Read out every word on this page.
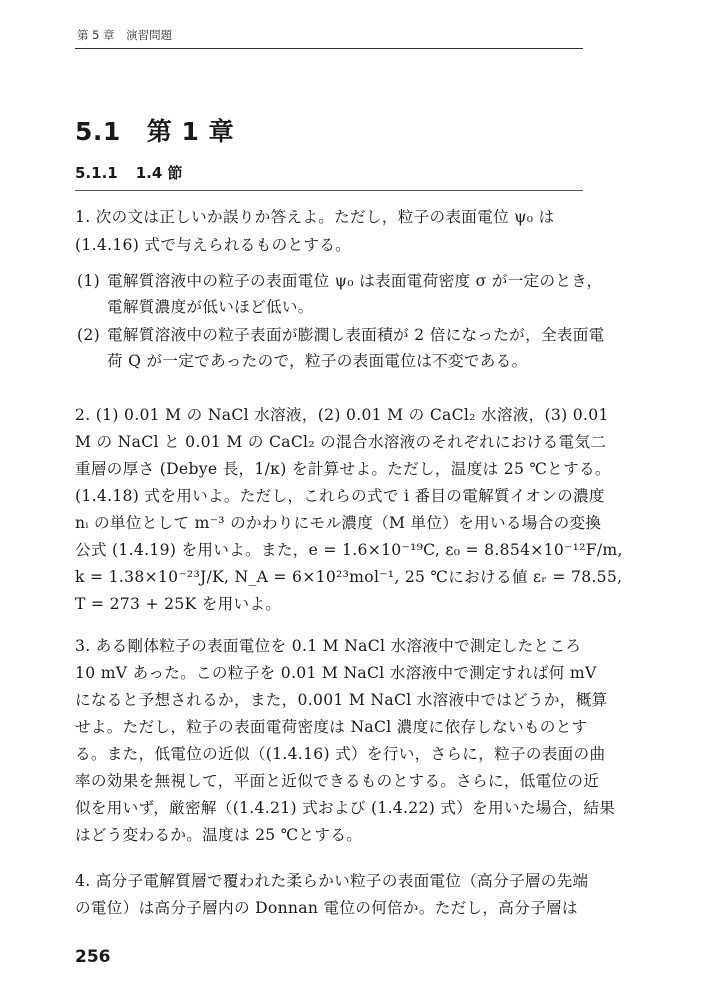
第 5 章　演習問題
5.1 第 1 章
5.1.1 1.4 節
1. 次の文は正しいか誤りか答えよ。ただし，粒子の表面電位 ψ₀ は
(1.4.16) 式で与えられるものとする。
(1) 電解質溶液中の粒子の表面電位 ψ₀ は表面電荷密度 σ が一定のとき，
電解質濃度が低いほど低い。
(2) 電解質溶液中の粒子表面が膨潤し表面積が 2 倍になったが，全表面電
荷 Q が一定であったので，粒子の表面電位は不変である。
2. (1) 0.01 M の NaCl 水溶液，(2) 0.01 M の CaCl₂ 水溶液，(3) 0.01
M の NaCl と 0.01 M の CaCl₂ の混合水溶液のそれぞれにおける電気二
重層の厚さ (Debye 長，1/κ) を計算せよ。ただし，温度は 25 ℃とする。
(1.4.18) 式を用いよ。ただし，これらの式で i 番目の電解質イオンの濃度
nᵢ の単位として m⁻³ のかわりにモル濃度（M 単位）を用いる場合の変換
公式 (1.4.19) を用いよ。また，e = 1.6×10⁻¹⁹C, ε₀ = 8.854×10⁻¹²F/m,
k = 1.38×10⁻²³J/K, N_A = 6×10²³mol⁻¹, 25 ℃における値 εᵣ = 78.55,
T = 273 + 25K を用いよ。
3. ある剛体粒子の表面電位を 0.1 M NaCl 水溶液中で測定したところ
10 mV あった。この粒子を 0.01 M NaCl 水溶液中で測定すれば何 mV
になると予想されるか，また，0.001 M NaCl 水溶液中ではどうか，概算
せよ。ただし，粒子の表面電荷密度は NaCl 濃度に依存しないものとす
る。また，低電位の近似（(1.4.16) 式）を行い，さらに，粒子の表面の曲
率の効果を無視して，平面と近似できるものとする。さらに，低電位の近
似を用いず，厳密解（(1.4.21) 式および (1.4.22) 式）を用いた場合，結果
はどう変わるか。温度は 25 ℃とする。
4. 高分子電解質層で覆われた柔らかい粒子の表面電位（高分子層の先端
の電位）は高分子層内の Donnan 電位の何倍か。ただし，高分子層は
256
